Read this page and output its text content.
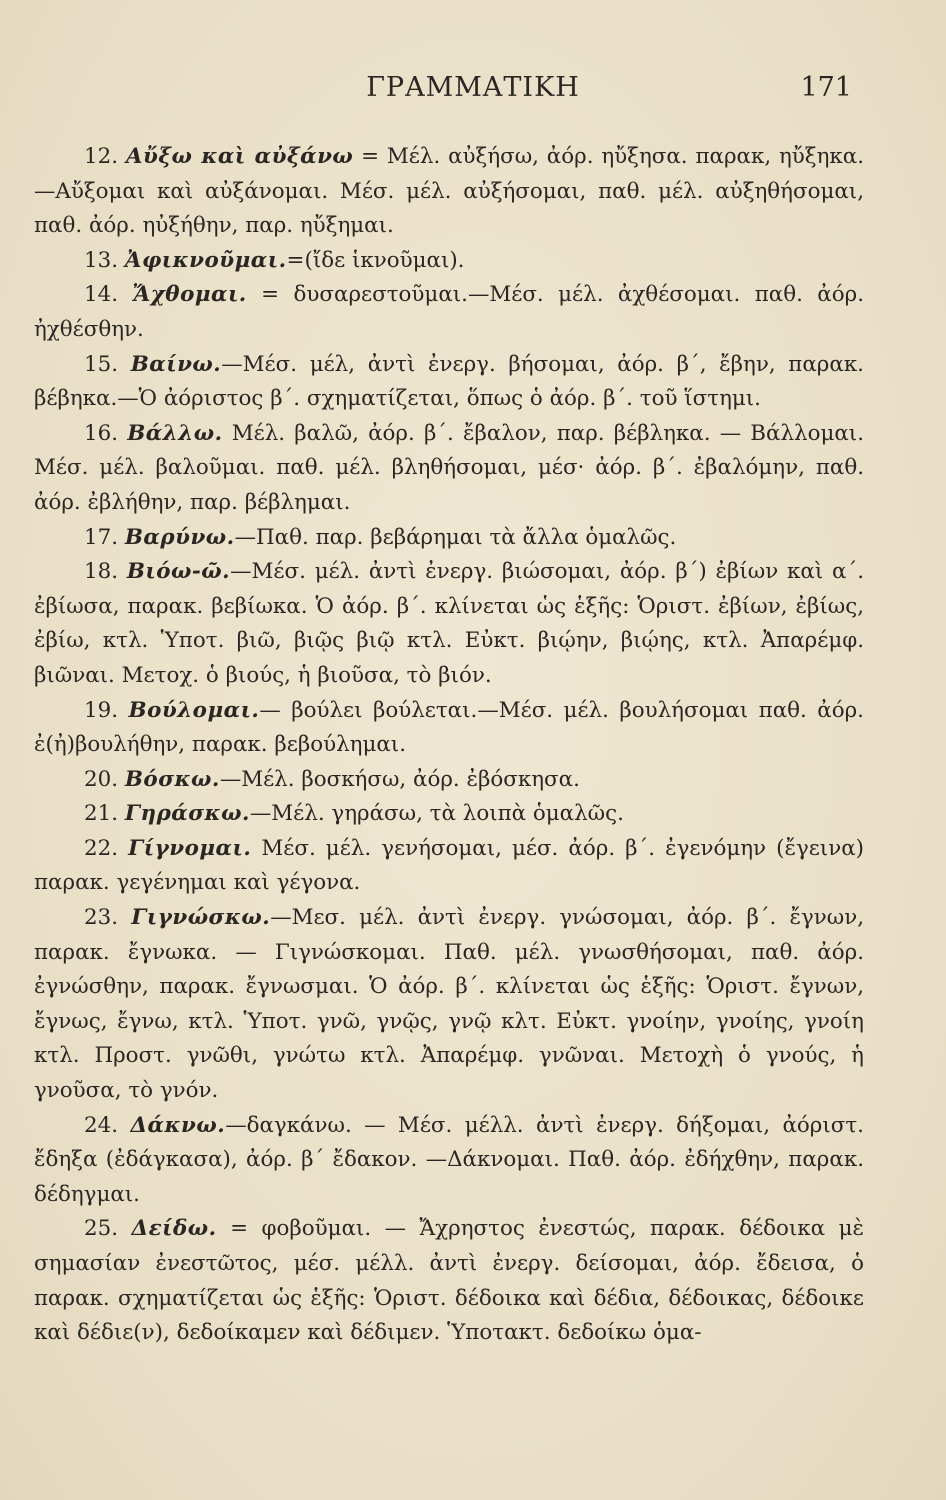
ΓΡΑΜΜΑΤΙΚΗ	171

12. Αὔξω καὶ αὐξάνω = Μέλ. αὐξήσω, ἀόρ. ηὔξησα. παρακ, ηὔξηκα.—Αὔξομαι καὶ αὐξάνομαι. Μέσ. μέλ. αὐξήσομαι, παθ. μέλ. αὐξηθήσομαι, παθ. ἀόρ. ηὐξήθην, παρ. ηὔξημαι.

13. Ἀφικνοῦμαι.=(ἴδε ἱκνοῦμαι).

14. Ἄχθομαι. = δυσαρεστοῦμαι.—Μέσ. μέλ. ἀχθέσομαι. παθ. ἀόρ. ἠχθέσθην.

15. Βαίνω.—Μέσ. μέλ, ἀντὶ ἐνεργ. βήσομαι, ἀόρ. β΄, ἔβην, παρακ. βέβηκα.—Ὁ ἀόριστος β΄. σχηματίζεται, ὅπως ὁ ἀόρ. β΄. τοῦ ἵστημι.

16. Βάλλω. Μέλ. βαλῶ, ἀόρ. β΄. ἔβαλον, παρ. βέβληκα. — Βάλλομαι. Μέσ. μέλ. βαλοῦμαι. παθ. μέλ. βληθήσομαι, μέσ· ἀόρ. β΄. ἐβαλόμην, παθ. ἀόρ. ἐβλήθην, παρ. βέβλημαι.

17. Βαρύνω.—Παθ. παρ. βεβάρημαι τὰ ἄλλα ὁμαλῶς.

18. Βιόω-ῶ.—Μέσ. μέλ. ἀντὶ ἐνεργ. βιώσομαι, ἀόρ. β΄) ἐβίων καὶ α΄. ἐβίωσα, παρακ. βεβίωκα. Ὁ ἀόρ. β΄. κλίνεται ὡς ἑξῆς: Ὁριστ. ἐβίων, ἐβίως, ἐβίω, κτλ. Ὑποτ. βιῶ, βιῷς βιῷ κτλ. Εὐκτ. βιῴην, βιῴης, κτλ. Ἀπαρέμφ. βιῶναι. Μετοχ. ὁ βιούς, ἡ βιοῦσα, τὸ βιόν.

19. Βούλομαι.— βούλει βούλεται.—Μέσ. μέλ. βουλήσομαι παθ. ἀόρ. ἐ(ἠ)βουλήθην, παρακ. βεβούλημαι.

20. Βόσκω.—Μέλ. βοσκήσω, ἀόρ. ἐβόσκησα.

21. Γηράσκω.—Μέλ. γηράσω, τὰ λοιπὰ ὁμαλῶς.

22. Γίγνομαι. Μέσ. μέλ. γενήσομαι, μέσ. ἀόρ. β΄. ἐγενόμην (ἔγεινα) παρακ. γεγένημαι καὶ γέγονα.

23. Γιγνώσκω.—Μεσ. μέλ. ἀντὶ ἐνεργ. γνώσομαι, ἀόρ. β΄. ἔγνων, παρακ. ἔγνωκα. — Γιγνώσκομαι. Παθ. μέλ. γνωσθήσομαι, παθ. ἀόρ. ἐγνώσθην, παρακ. ἔγνωσμαι. Ὁ ἀόρ. β΄. κλίνεται ὡς ἑξῆς: Ὁριστ. ἔγνων, ἔγνως, ἔγνω, κτλ. Ὑποτ. γνῶ, γνῷς, γνῷ κλτ. Εὐκτ. γνοίην, γνοίης, γνοίη κτλ. Προστ. γνῶθι, γνώτω κτλ. Ἀπαρέμφ. γνῶναι. Μετοχὴ ὁ γνούς, ἡ γνοῦσα, τὸ γνόν.

24. Δάκνω.—δαγκάνω. — Μέσ. μέλλ. ἀντὶ ἐνεργ. δήξομαι, ἀόριστ. ἔδηξα (ἐδάγκασα), ἀόρ. β΄ ἔδακον. —Δάκνομαι. Παθ. ἀόρ. ἐδήχθην, παρακ. δέδηγμαι.

25. Δείδω. = φοβοῦμαι. — Ἄχρηστος ἐνεστώς, παρακ. δέδοικα μὲ σημασίαν ἐνεστῶτος, μέσ. μέλλ. ἀντὶ ἐνεργ. δείσομαι, ἀόρ. ἔδεισα, ὁ παρακ. σχηματίζεται ὡς ἑξῆς: Ὁριστ. δέδοικα καὶ δέδια, δέδοικας, δέδοικε καὶ δέδιε(ν), δεδοίκαμεν καὶ δέδιμεν. Ὑποτακτ. δεδοίκω ὁμα-
